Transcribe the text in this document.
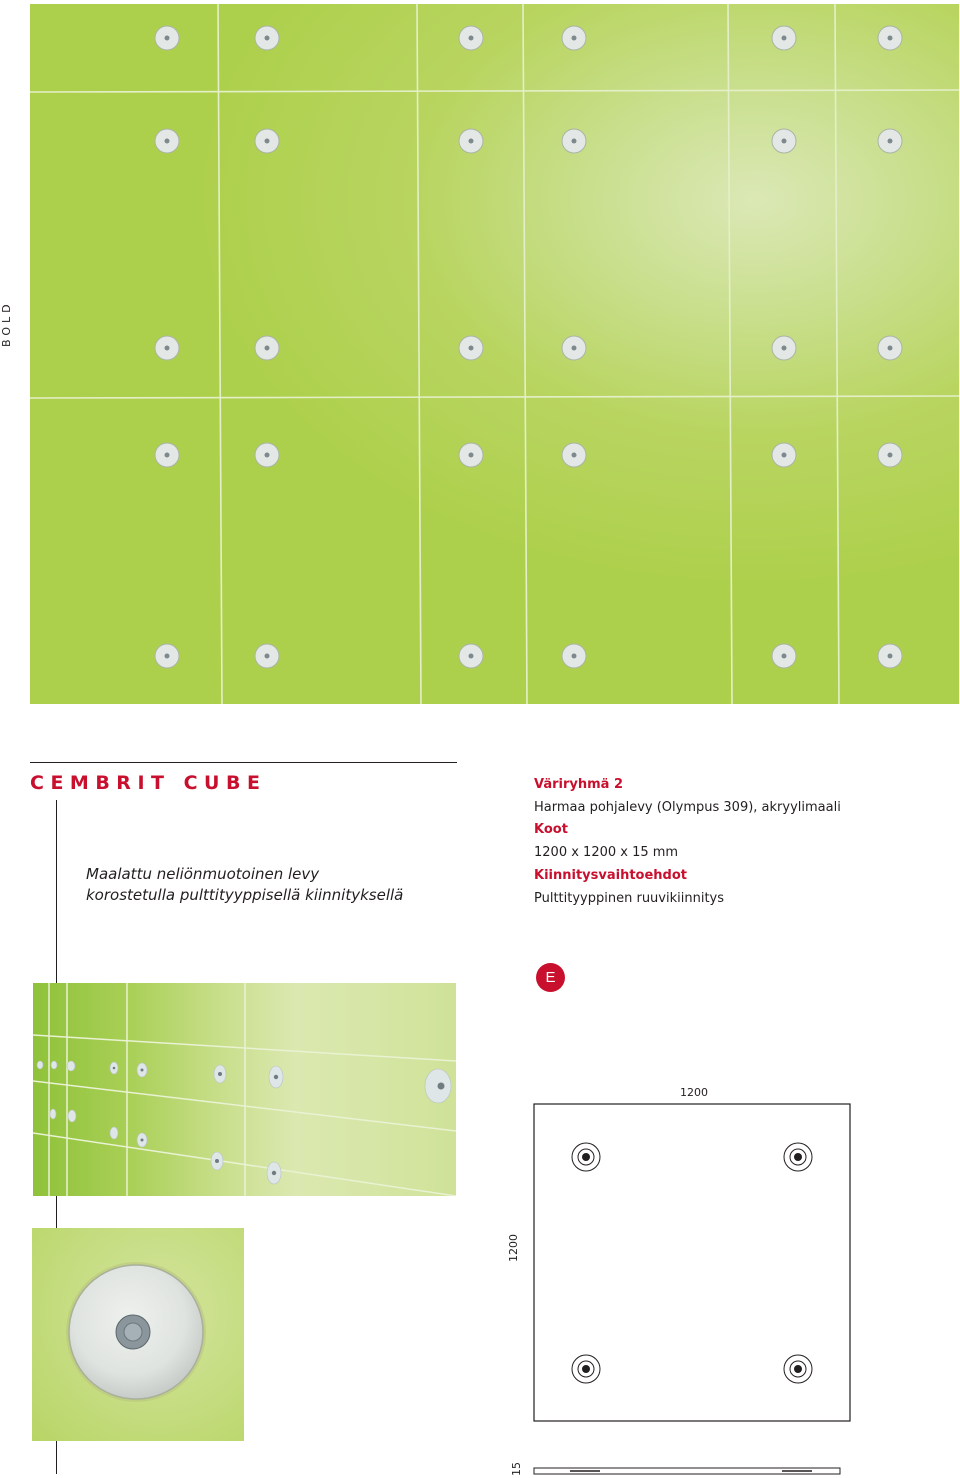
BOLD
CEMBRIT CUBE
Maalattu neliönmuotoinen levy
korostetulla pulttityyppisellä kiinnityksellä
Väriryhmä 2
Harmaa pohjalevy (Olympus 309), akryylimaali
Koot
1200 x 1200 x 15 mm
Kiinnitysvaihtoehdot
Pulttityyppinen ruuvikiinnitys
E
1200
1200
15
